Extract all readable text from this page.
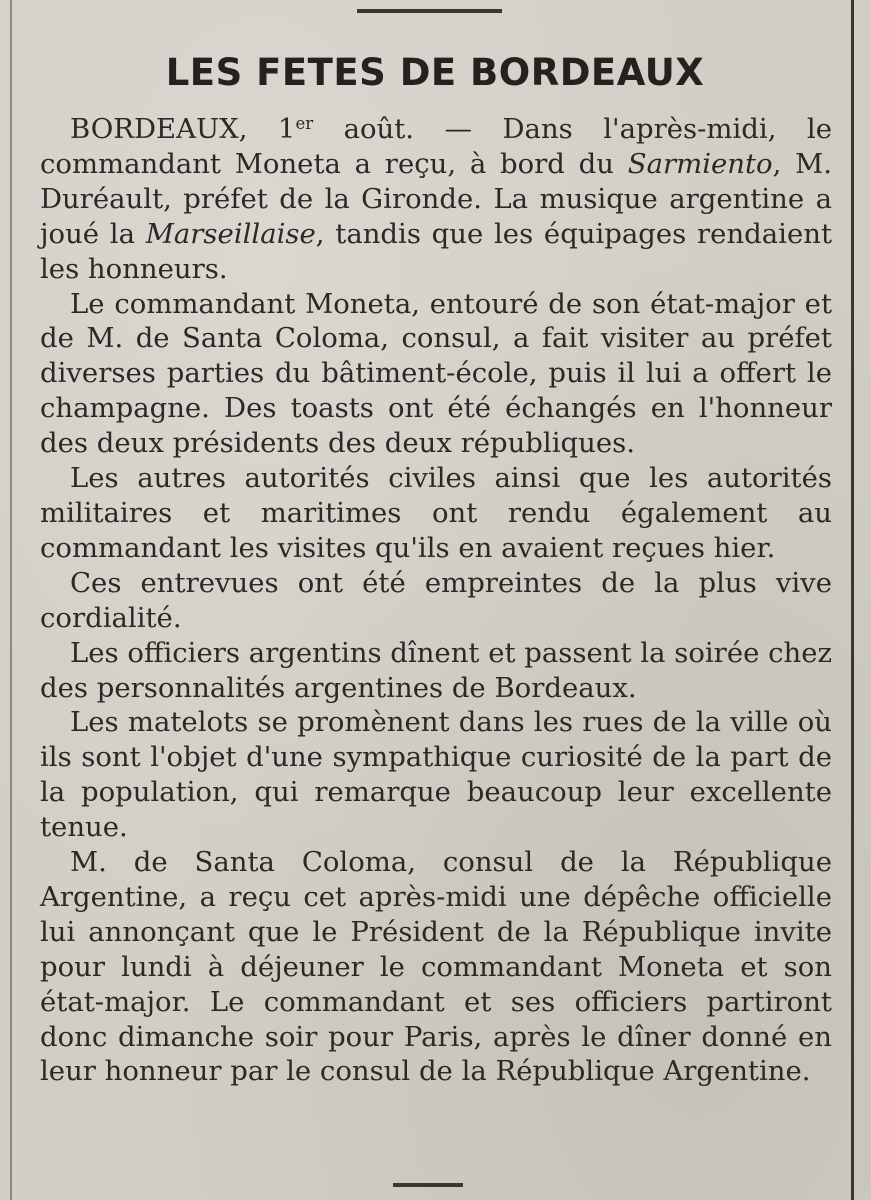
LES FETES DE BORDEAUX

BORDEAUX, 1er août. — Dans l'après-midi, le commandant Moneta a reçu, à bord du Sarmiento, M. Duréault, préfet de la Gironde. La musique argentine a joué la Marseillaise, tandis que les équipages rendaient les honneurs.

Le commandant Moneta, entouré de son état-major et de M. de Santa Coloma, consul, a fait visiter au préfet diverses parties du bâtiment-école, puis il lui a offert le champagne. Des toasts ont été échangés en l'honneur des deux présidents des deux républiques.

Les autres autorités civiles ainsi que les autorités militaires et maritimes ont rendu également au commandant les visites qu'ils en avaient reçues hier.

Ces entrevues ont été empreintes de la plus vive cordialité.

Les officiers argentins dînent et passent la soirée chez des personnalités argentines de Bordeaux.

Les matelots se promènent dans les rues de la ville où ils sont l'objet d'une sympathique curiosité de la part de la population, qui remarque beaucoup leur excellente tenue.

M. de Santa Coloma, consul de la République Argentine, a reçu cet après-midi une dépêche officielle lui annonçant que le Président de la République invite pour lundi à déjeuner le commandant Moneta et son état-major. Le commandant et ses officiers partiront donc dimanche soir pour Paris, après le dîner donné en leur honneur par le consul de la République Argentine.
